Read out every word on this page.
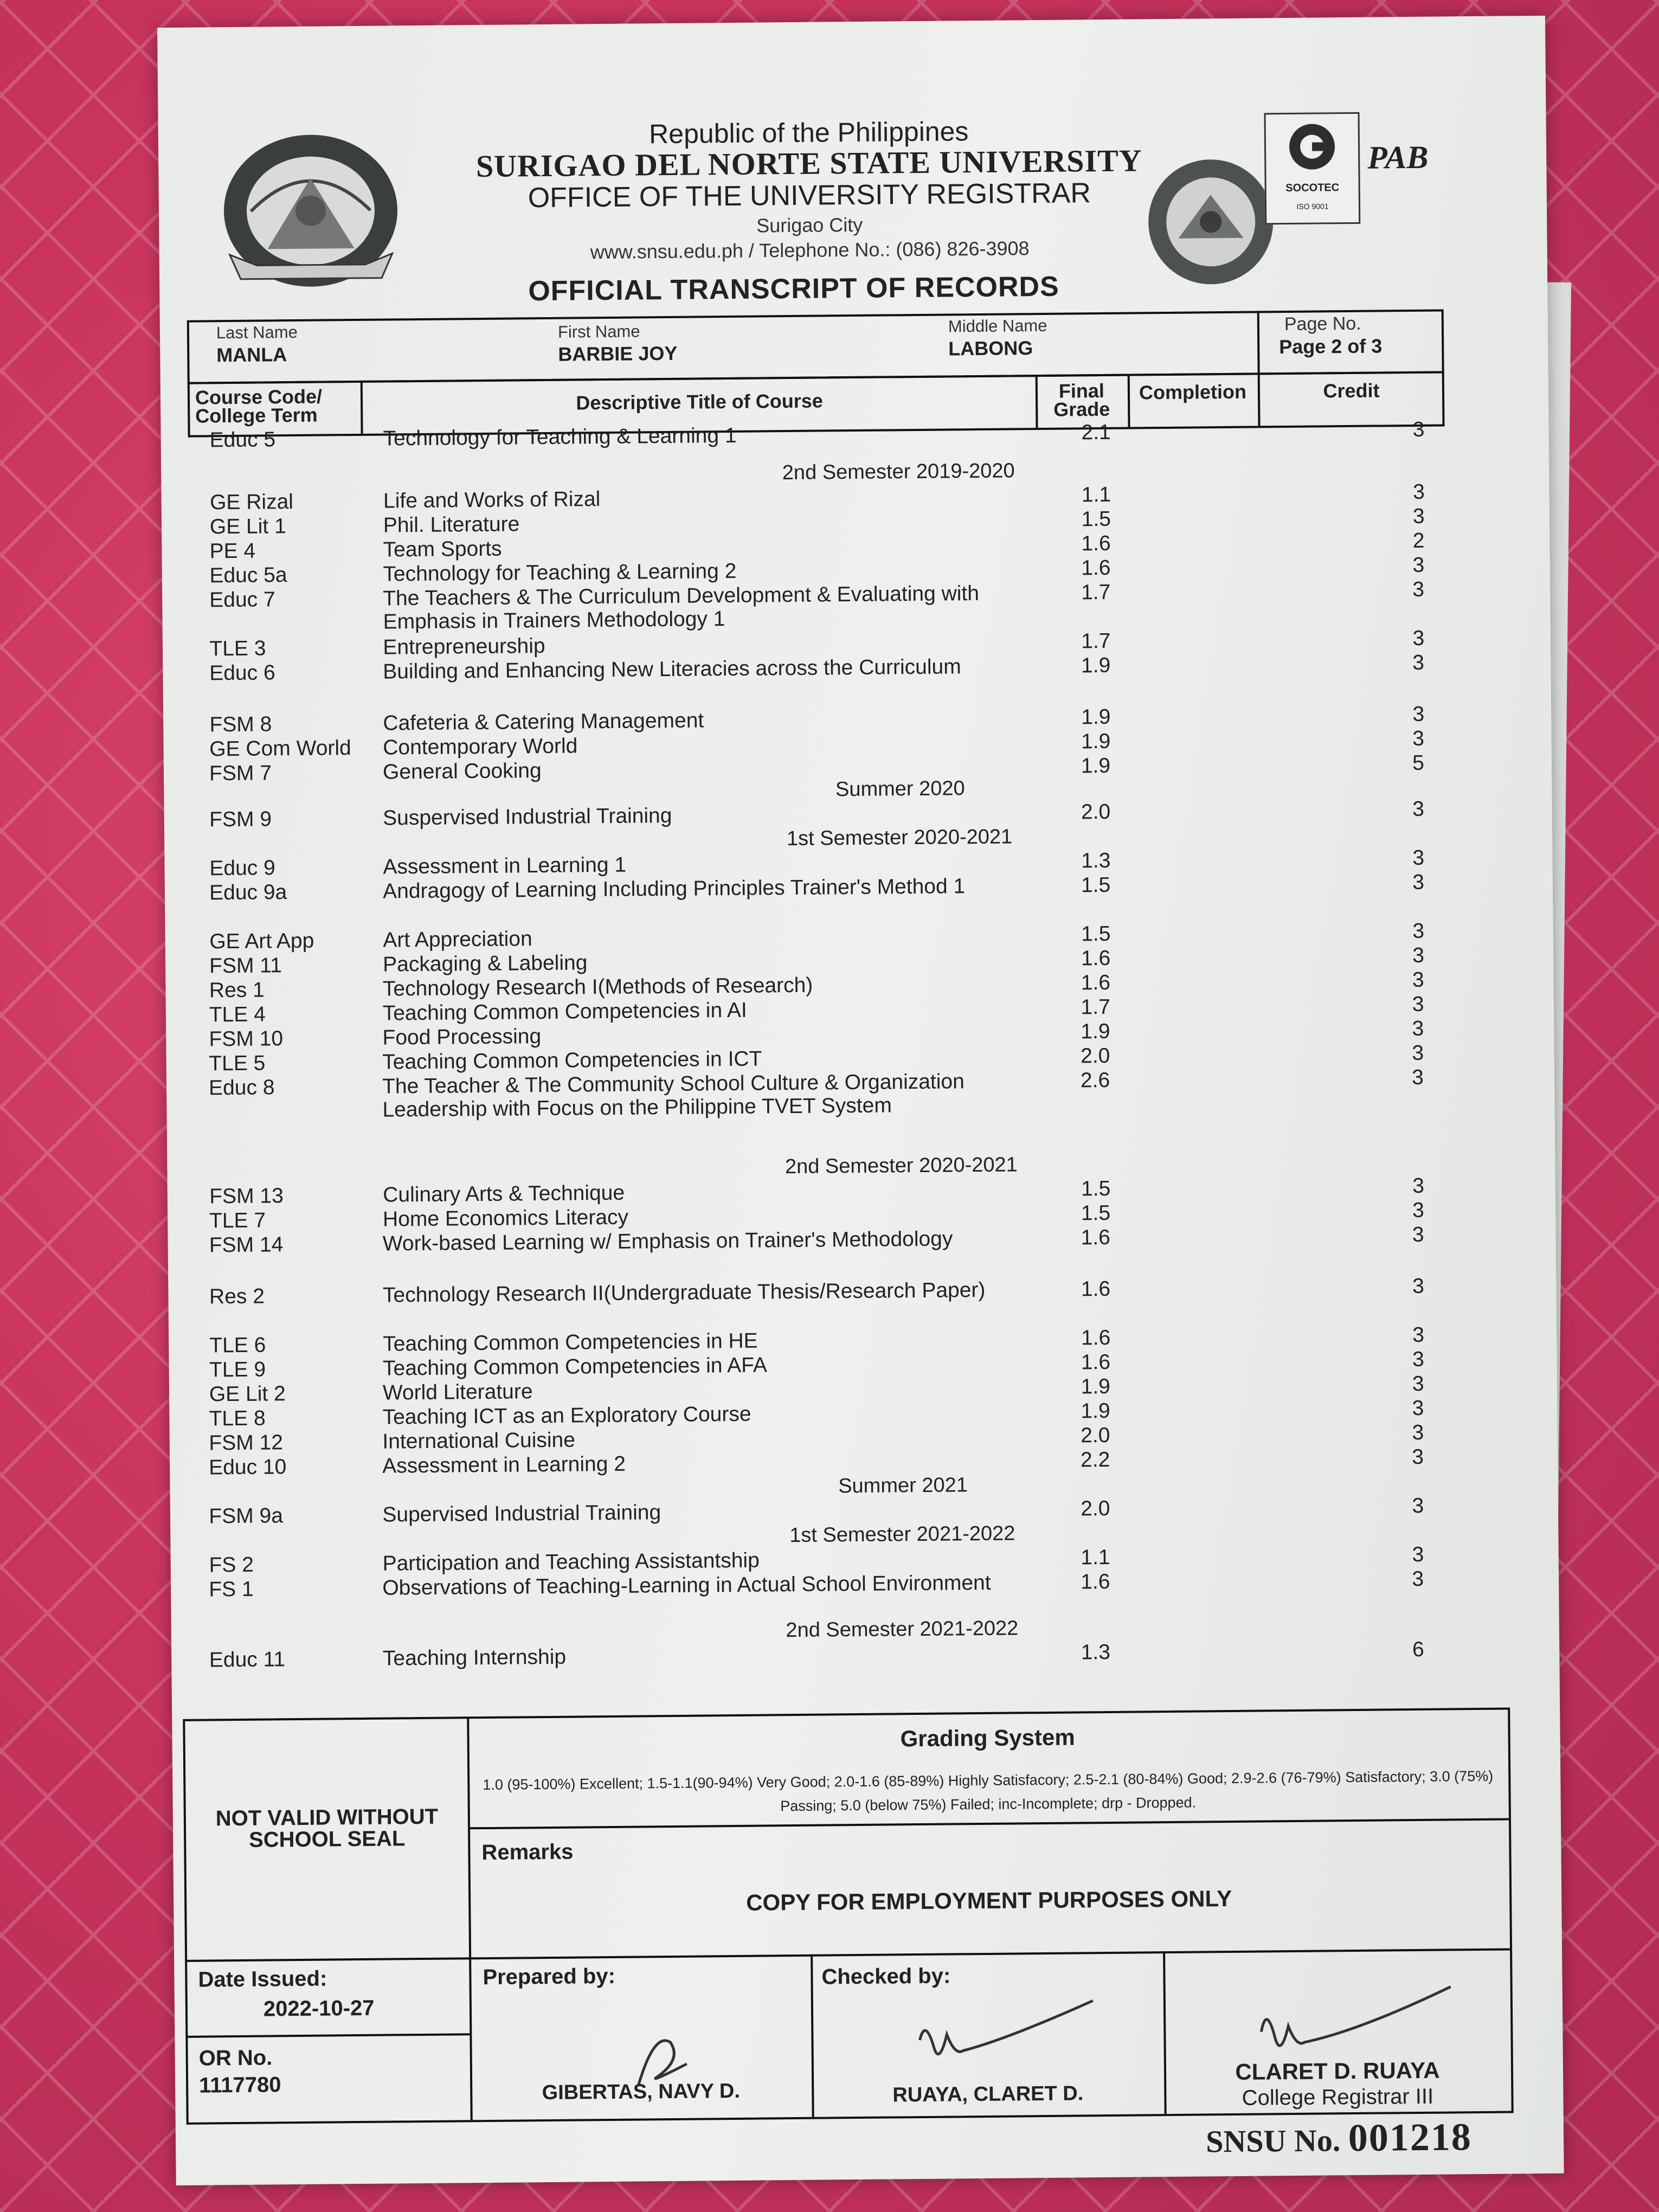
Republic of the Philippines
SURIGAO DEL NORTE STATE UNIVERSITY
OFFICE OF THE UNIVERSITY REGISTRAR
Surigao City
www.snsu.edu.ph / Telephone No.: (086) 826-3908
SOCOTEC
ISO 9001
PAB
OFFICIAL TRANSCRIPT OF RECORDS
Last Name
MANLA
First Name
BARBIE JOY
Middle Name
LABONG
Page No.
Page 2 of 3
Course Code/ College Term
Descriptive Title of Course	Final Grade
Completion	Credit
Educ 5	Technology for Teaching & Learning 1	2.1	3
GE Rizal	Life and Works of Rizal	1.1	3
GE Lit 1	Phil. Literature	1.5	3
PE 4	Team Sports	1.6	2
Educ 5a	Technology for Teaching & Learning 2	1.6	3
Educ 7	The Teachers & The Curriculum Development & Evaluating with Emphasis in Trainers Methodology 1
1.7	3
TLE 3	Entrepreneurship	1.7	3
Educ 6	Building and Enhancing New Literacies across the Curriculum	1.9	3
FSM 8	Cafeteria & Catering Management	1.9	3
GE Com World	Contemporary World	1.9	3
FSM 7	General Cooking	1.9	5
FSM 9	Suspervised Industrial Training	2.0	3
Educ 9	Assessment in Learning 1	1.3	3
Educ 9a	Andragogy of Learning Including Principles Trainer's Method 1	1.5	3
GE Art App	Art Appreciation	1.5	3
FSM 11	Packaging & Labeling	1.6	3
Res 1	Technology Research I(Methods of Research)	1.6	3
TLE 4	Teaching Common Competencies in AI	1.7	3
FSM 10	Food Processing	1.9	3
TLE 5	Teaching Common Competencies in ICT	2.0	3
Educ 8	The Teacher & The Community School Culture & Organization Leadership with Focus on the Philippine TVET System
2.6	3
FSM 13	Culinary Arts & Technique	1.5	3
TLE 7	Home Economics Literacy	1.5	3
FSM 14	Work-based Learning w/ Emphasis on Trainer's Methodology	1.6	3
Res 2	Technology Research II(Undergraduate Thesis/Research Paper)	1.6	3
TLE 6	Teaching Common Competencies in HE	1.6	3
TLE 9	Teaching Common Competencies in AFA	1.6	3
GE Lit 2	World Literature	1.9	3
TLE 8	Teaching ICT as an Exploratory Course	1.9	3
FSM 12	International Cuisine	2.0	3
Educ 10	Assessment in Learning 2	2.2	3
FSM 9a	Supervised Industrial Training	2.0	3
FS 2	Participation and Teaching Assistantship	1.1	3
FS 1	Observations of Teaching-Learning in Actual School Environment	1.6	3
Educ 11	Teaching Internship	1.3	6
2nd Semester 2019-2020
Summer 2020
1st Semester 2020-2021
2nd Semester 2020-2021
Summer 2021
1st Semester 2021-2022
2nd Semester 2021-2022
NOT VALID WITHOUT SCHOOL SEAL
Grading System
1.0 (95-100%) Excellent; 1.5-1.1(90-94%) Very Good; 2.0-1.6 (85-89%) Highly Satisfacory; 2.5-2.1 (80-84%) Good; 2.9-2.6 (76-79%) Satisfactory; 3.0 (75%) Passing; 5.0 (below 75%) Failed; inc-Incomplete; drp - Dropped.
Remarks
COPY FOR EMPLOYMENT PURPOSES ONLY
Date Issued:
2022-10-27
OR No.
1117780
Prepared by:
GIBERTAS, NAVY D.
Checked by:
RUAYA, CLARET D.
CLARET D. RUAYA
College Registrar III
SNSU No. 001218
